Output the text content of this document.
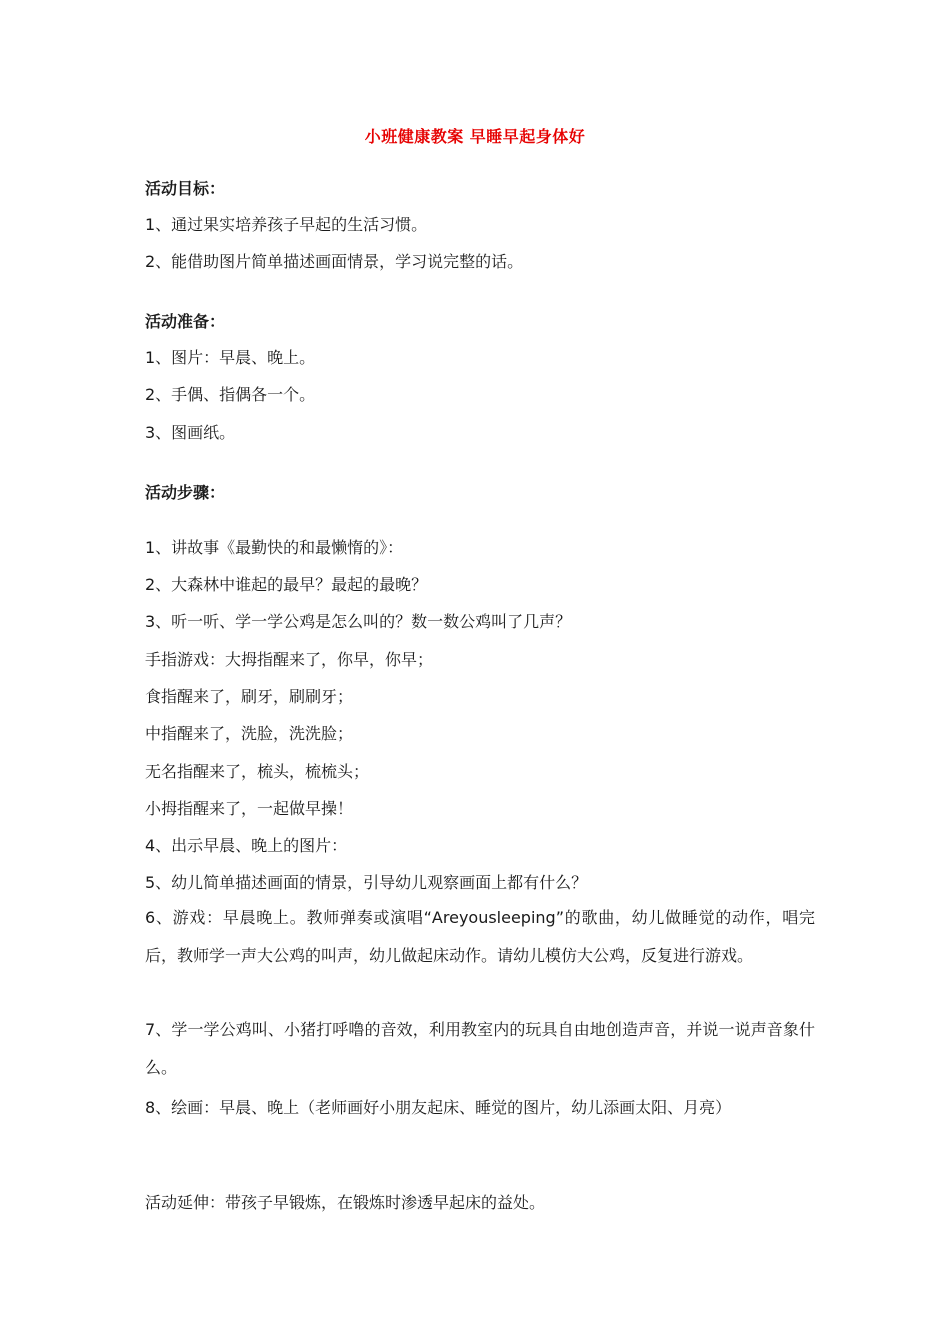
小班健康教案 早睡早起身体好
活动目标：
1、通过果实培养孩子早起的生活习惯。
2、能借助图片简单描述画面情景，学习说完整的话。
活动准备：
1、图片：早晨、晚上。
2、手偶、指偶各一个。
3、图画纸。
活动步骤：
1、讲故事《最勤快的和最懒惰的》：
2、大森林中谁起的最早？最起的最晚？
3、听一听、学一学公鸡是怎么叫的？数一数公鸡叫了几声？
手指游戏：大拇指醒来了，你早，你早；
食指醒来了，刷牙，刷刷牙；
中指醒来了，洗脸，洗洗脸；
无名指醒来了，梳头，梳梳头；
小拇指醒来了，一起做早操！
4、出示早晨、晚上的图片：
5、幼儿简单描述画面的情景，引导幼儿观察画面上都有什么？
6、游戏：早晨晚上。教师弹奏或演唱“Areyousleeping”的歌曲，幼儿做睡觉的动作，唱完后，教师学一声大公鸡的叫声，幼儿做起床动作。请幼儿模仿大公鸡，反复进行游戏。
7、学一学公鸡叫、小猪打呼噜的音效，利用教室内的玩具自由地创造声音，并说一说声音象什么。
8、绘画：早晨、晚上（老师画好小朋友起床、睡觉的图片，幼儿添画太阳、月亮）
活动延伸：带孩子早锻炼，在锻炼时渗透早起床的益处。
